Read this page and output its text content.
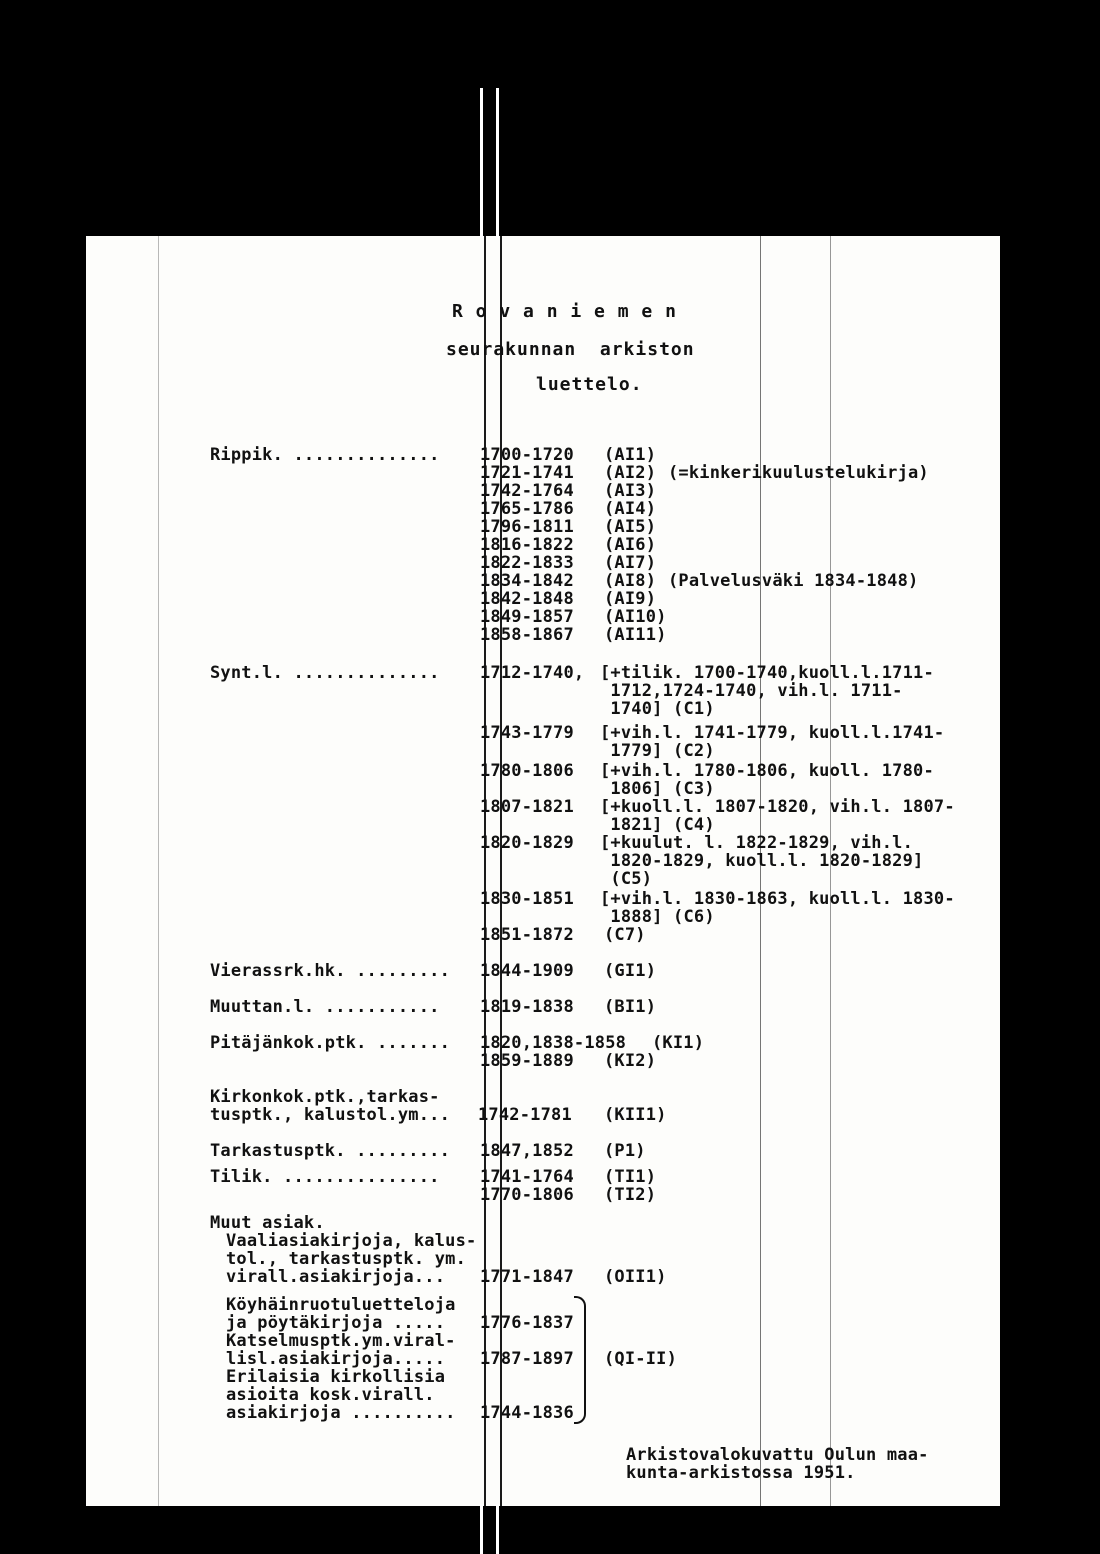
R o v a n i e m e n
seurakunnan  arkiston
luettelo.
Rippik. .............. 1700-1720
1721-1741
1742-1764
1765-1786
1796-1811
1816-1822
1822-1833
1834-1842
1842-1848
1849-1857
1858-1867
(AI1)
(AI2)
(AI3)
(AI4)
(AI5)
(AI6)
(AI7)
(AI8)
(AI9)
(AI10)
(AI11)
(=kinkerikuulustelukirja)
(Palvelusväki 1834-1848)
Synt.l. .............. 1712-1740, [+tilik. 1700-1740,kuoll.l.1711-
1712,1724-1740, vih.l. 1711-
1740] (C1)
1743-1779 [+vih.l. 1741-1779, kuoll.l.1741-
1779] (C2)
1780-1806 [+vih.l. 1780-1806, kuoll. 1780-
1806] (C3)
1807-1821 [+kuoll.l. 1807-1820, vih.l. 1807-
1821] (C4)
1820-1829 [+kuulut. l. 1822-1829, vih.l.
1820-1829, kuoll.l. 1820-1829]
(C5)
1830-1851 [+vih.l. 1830-1863, kuoll.l. 1830-
1888] (C6)
1851-1872 (C7)
Vierassrk.hk. ......... 1844-1909 (GI1)
Muuttan.l. ........... 1819-1838 (BI1)
Pitäjänkok.ptk. ....... 1820,1838-1858 (KI1)
1859-1889 (KI2)
Kirkonkok.ptk.,tarkas-
tusptk., kalustol.ym... 1742-1781 (KII1)
Tarkastusptk. ......... 1847,1852 (P1)
Tilik. ............... 1741-1764 (TI1)
1770-1806 (TI2)
Muut asiak.
Vaaliasiakirjoja, kalus-
tol., tarkastusptk. ym.
virall.asiakirjoja... 1771-1847 (OII1)
Köyhäinruotuluetteloja
ja pöytäkirjoja .....
Katselmusptk.ym.viral-
lisl.asiakirjoja.....
Erilaisia kirkollisia
asioita kosk.virall.
asiakirjoja ..........
1776-1837
1787-1897
1744-1836
(QI-II)
Arkistovalokuvattu Oulun maa-
kunta-arkistossa 1951.
